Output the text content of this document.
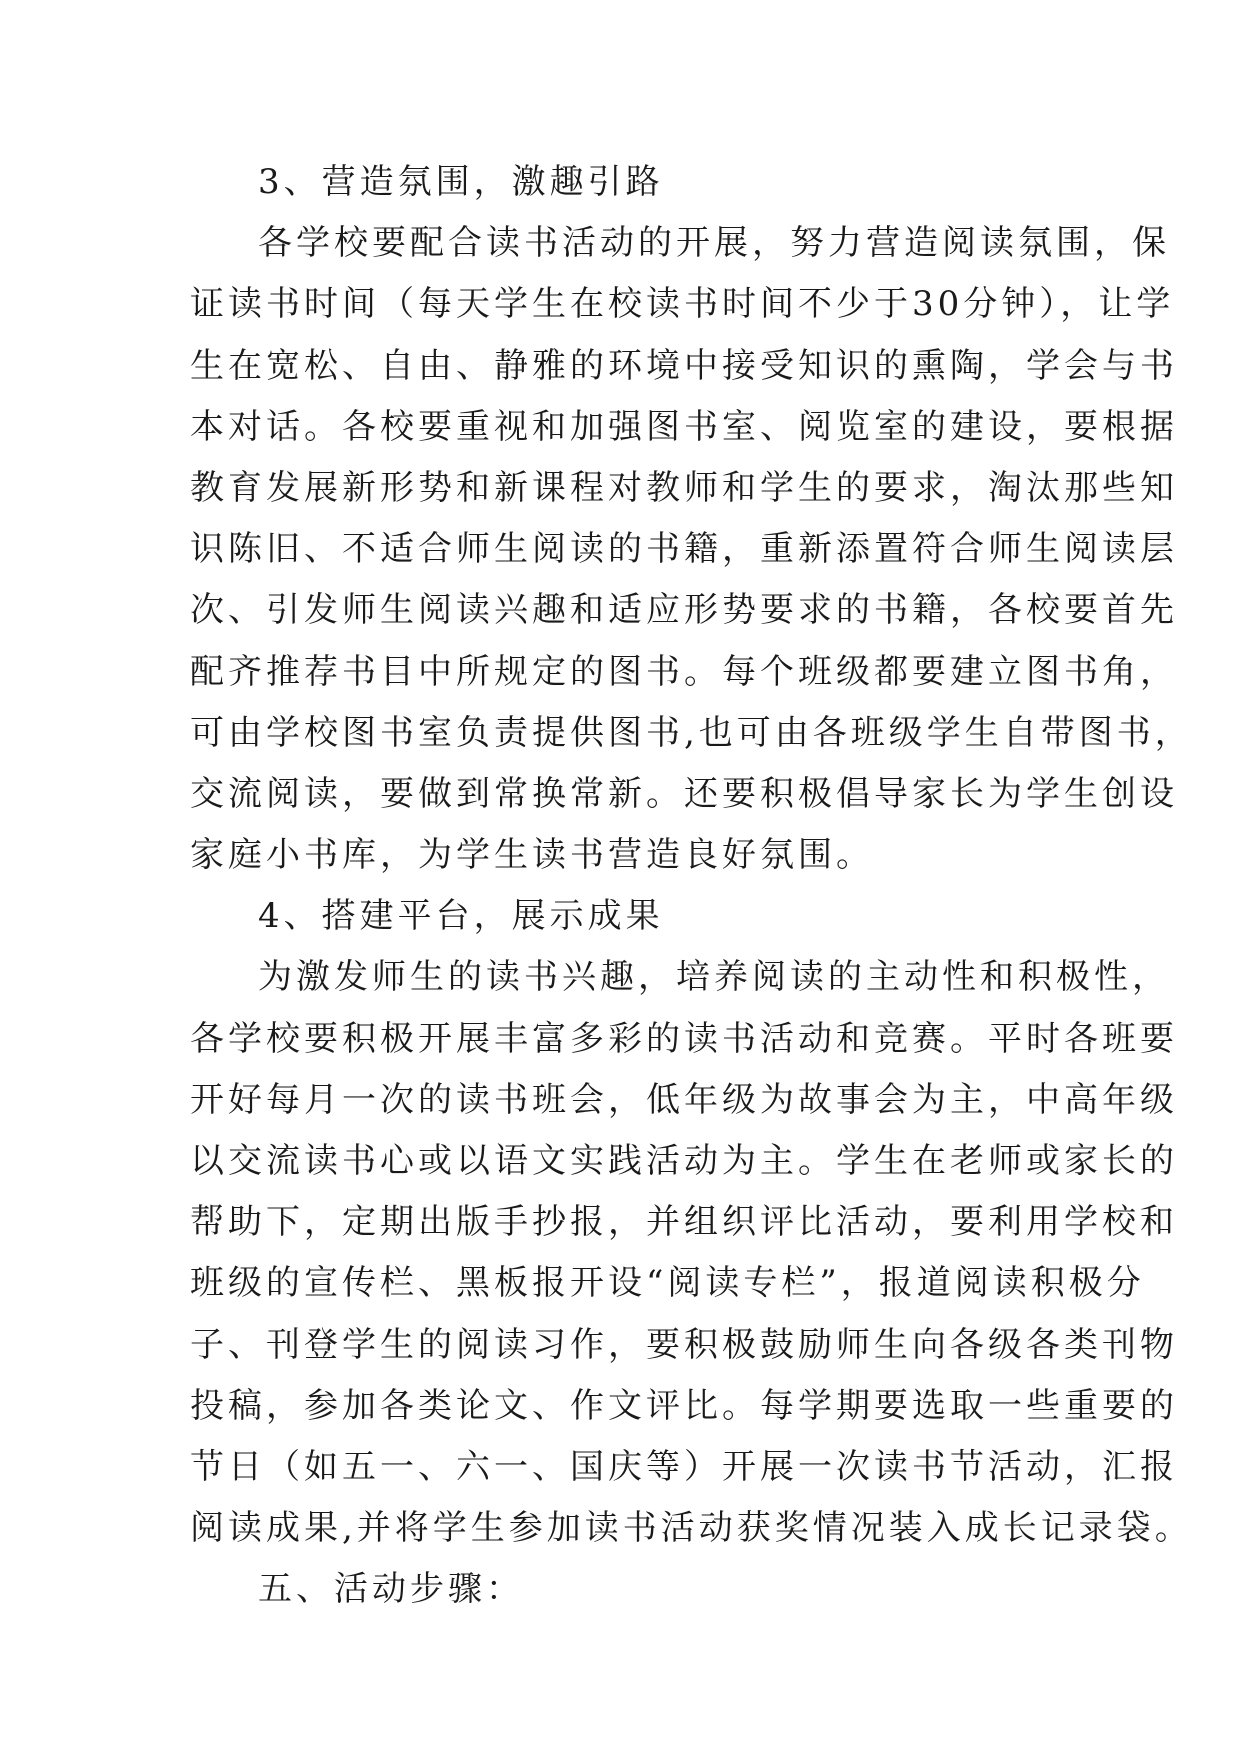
3、营造氛围，激趣引路
各学校要配合读书活动的开展，努力营造阅读氛围，保
证读书时间（每天学生在校读书时间不少于30分钟），让学
生在宽松、自由、静雅的环境中接受知识的熏陶，学会与书
本对话。各校要重视和加强图书室、阅览室的建设，要根据
教育发展新形势和新课程对教师和学生的要求，淘汰那些知
识陈旧、不适合师生阅读的书籍，重新添置符合师生阅读层
次、引发师生阅读兴趣和适应形势要求的书籍，各校要首先
配齐推荐书目中所规定的图书。每个班级都要建立图书角，
可由学校图书室负责提供图书,也可由各班级学生自带图书，
交流阅读，要做到常换常新。还要积极倡导家长为学生创设
家庭小书库，为学生读书营造良好氛围。
4、搭建平台，展示成果
为激发师生的读书兴趣，培养阅读的主动性和积极性，
各学校要积极开展丰富多彩的读书活动和竞赛。平时各班要
开好每月一次的读书班会，低年级为故事会为主，中高年级
以交流读书心或以语文实践活动为主。学生在老师或家长的
帮助下，定期出版手抄报，并组织评比活动，要利用学校和
班级的宣传栏、黑板报开设“阅读专栏”，报道阅读积极分
子、刊登学生的阅读习作，要积极鼓励师生向各级各类刊物
投稿，参加各类论文、作文评比。每学期要选取一些重要的
节日（如五一、六一、国庆等）开展一次读书节活动，汇报
阅读成果,并将学生参加读书活动获奖情况装入成长记录袋。
五、活动步骤：
